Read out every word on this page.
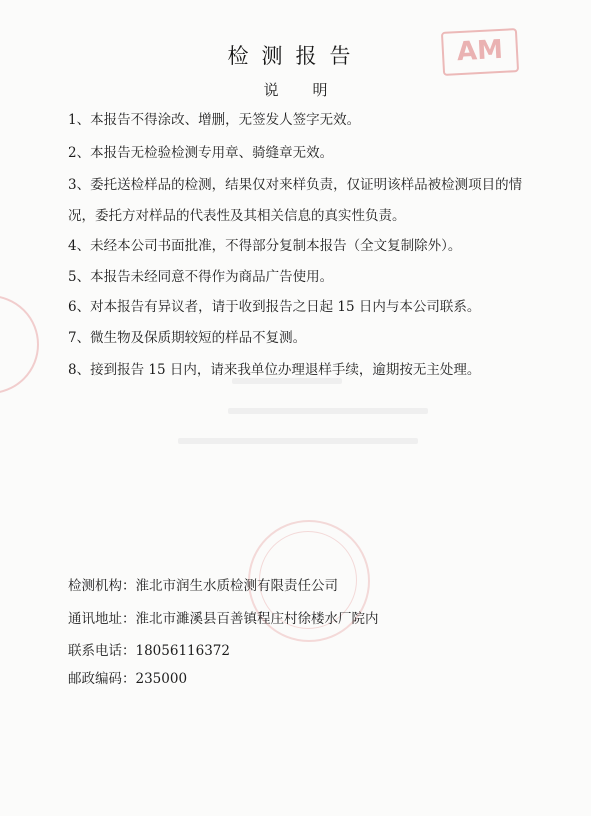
检测报告
说明
AM
1、本报告不得涂改、增删，无签发人签字无效。
2、本报告无检验检测专用章、骑缝章无效。
3、委托送检样品的检测，结果仅对来样负责，仅证明该样品被检测项目的情况，委托方对样品的代表性及其相关信息的真实性负责。
4、未经本公司书面批准，不得部分复制本报告（全文复制除外）。
5、本报告未经同意不得作为商品广告使用。
6、对本报告有异议者，请于收到报告之日起 15 日内与本公司联系。
7、微生物及保质期较短的样品不复测。
8、接到报告 15 日内，请来我单位办理退样手续，逾期按无主处理。
检测机构：淮北市润生水质检测有限责任公司
通讯地址：淮北市濉溪县百善镇程庄村徐楼水厂院内
联系电话：18056116372
邮政编码：235000
